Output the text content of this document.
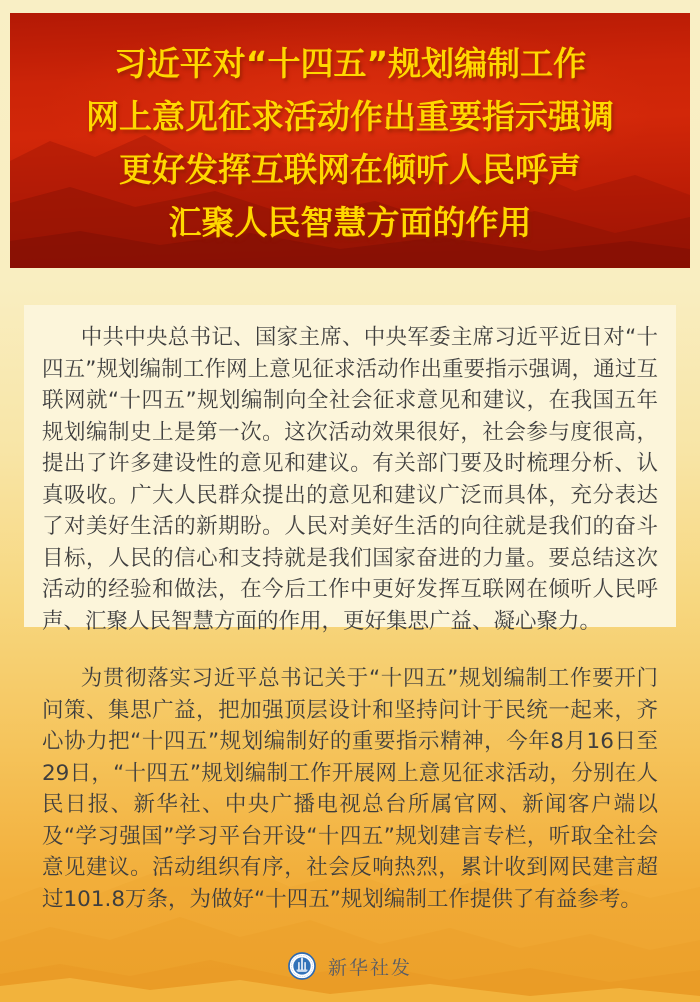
习近平对“十四五”规划编制工作
网上意见征求活动作出重要指示强调
更好发挥互联网在倾听人民呼声
汇聚人民智慧方面的作用

中共中央总书记、国家主席、中央军委主席习近平近日对“十四五”规划编制工作网上意见征求活动作出重要指示强调，通过互联网就“十四五”规划编制向全社会征求意见和建议，在我国五年规划编制史上是第一次。这次活动效果很好，社会参与度很高，提出了许多建设性的意见和建议。有关部门要及时梳理分析、认真吸收。广大人民群众提出的意见和建议广泛而具体，充分表达了对美好生活的新期盼。人民对美好生活的向往就是我们的奋斗目标，人民的信心和支持就是我们国家奋进的力量。要总结这次活动的经验和做法，在今后工作中更好发挥互联网在倾听人民呼声、汇聚人民智慧方面的作用，更好集思广益、凝心聚力。

为贯彻落实习近平总书记关于“十四五”规划编制工作要开门问策、集思广益，把加强顶层设计和坚持问计于民统一起来，齐心协力把“十四五”规划编制好的重要指示精神，今年8月16日至29日，“十四五”规划编制工作开展网上意见征求活动，分别在人民日报、新华社、中央广播电视总台所属官网、新闻客户端以及“学习强国”学习平台开设“十四五”规划建言专栏，听取全社会意见建议。活动组织有序，社会反响热烈，累计收到网民建言超过101.8万条，为做好“十四五”规划编制工作提供了有益参考。

新华社发
